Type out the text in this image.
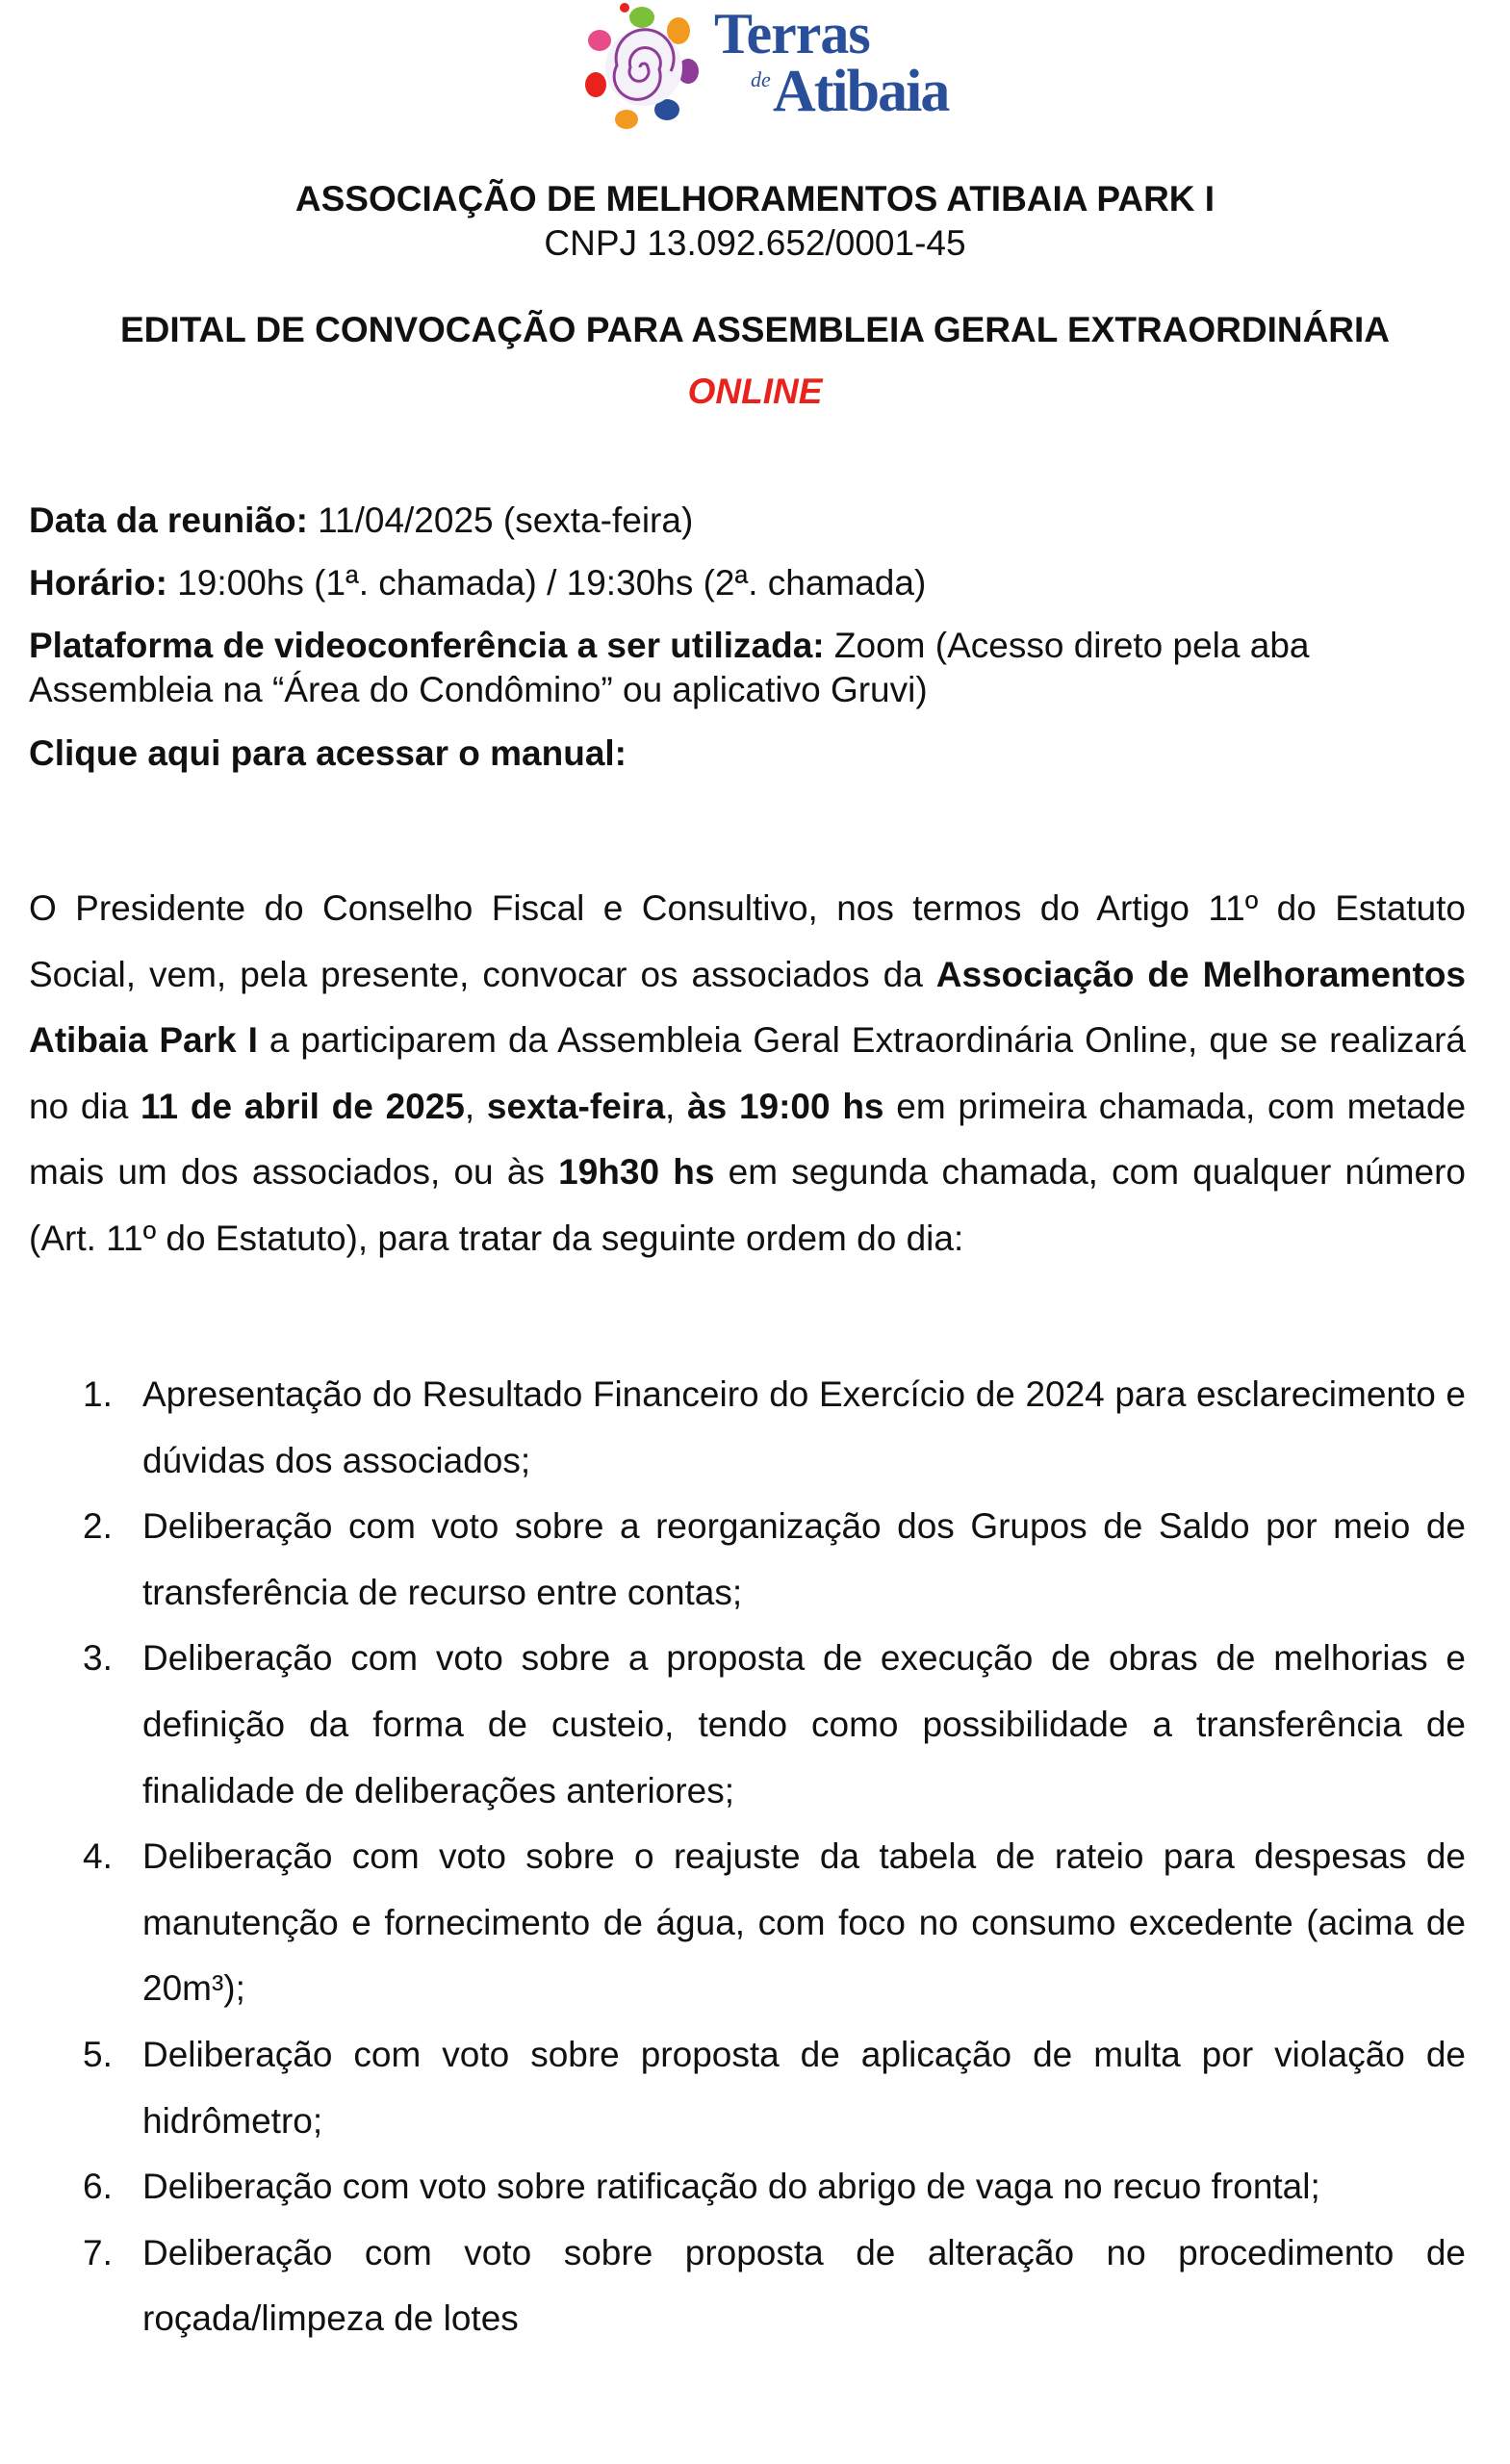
Terras
de Atibaia
ASSOCIAÇÃO DE MELHORAMENTOS ATIBAIA PARK I
CNPJ 13.092.652/0001-45
EDITAL DE CONVOCAÇÃO PARA ASSEMBLEIA GERAL EXTRAORDINÁRIA
ONLINE
Data da reunião: 11/04/2025 (sexta-feira)
Horário: 19:00hs (1ª. chamada) / 19:30hs (2ª. chamada)
Plataforma de videoconferência a ser utilizada: Zoom (Acesso direto pela aba Assembleia na “Área do Condômino” ou aplicativo Gruvi)
Clique aqui para acessar o manual:
O Presidente do Conselho Fiscal e Consultivo, nos termos do Artigo 11º do Estatuto Social, vem, pela presente, convocar os associados da Associação de Melhoramentos Atibaia Park I a participarem da Assembleia Geral Extraordinária Online, que se realizará no dia 11 de abril de 2025, sexta-feira, às 19:00 hs em primeira chamada, com metade mais um dos associados, ou às 19h30 hs em segunda chamada, com qualquer número (Art. 11º do Estatuto), para tratar da seguinte ordem do dia:
1. Apresentação do Resultado Financeiro do Exercício de 2024 para esclarecimento e dúvidas dos associados;
2. Deliberação com voto sobre a reorganização dos Grupos de Saldo por meio de transferência de recurso entre contas;
3. Deliberação com voto sobre a proposta de execução de obras de melhorias e definição da forma de custeio, tendo como possibilidade a transferência de finalidade de deliberações anteriores;
4. Deliberação com voto sobre o reajuste da tabela de rateio para despesas de manutenção e fornecimento de água, com foco no consumo excedente (acima de 20m³);
5. Deliberação com voto sobre proposta de aplicação de multa por violação de hidrômetro;
6. Deliberação com voto sobre ratificação do abrigo de vaga no recuo frontal;
7. Deliberação com voto sobre proposta de alteração no procedimento de roçada/limpeza de lotes
